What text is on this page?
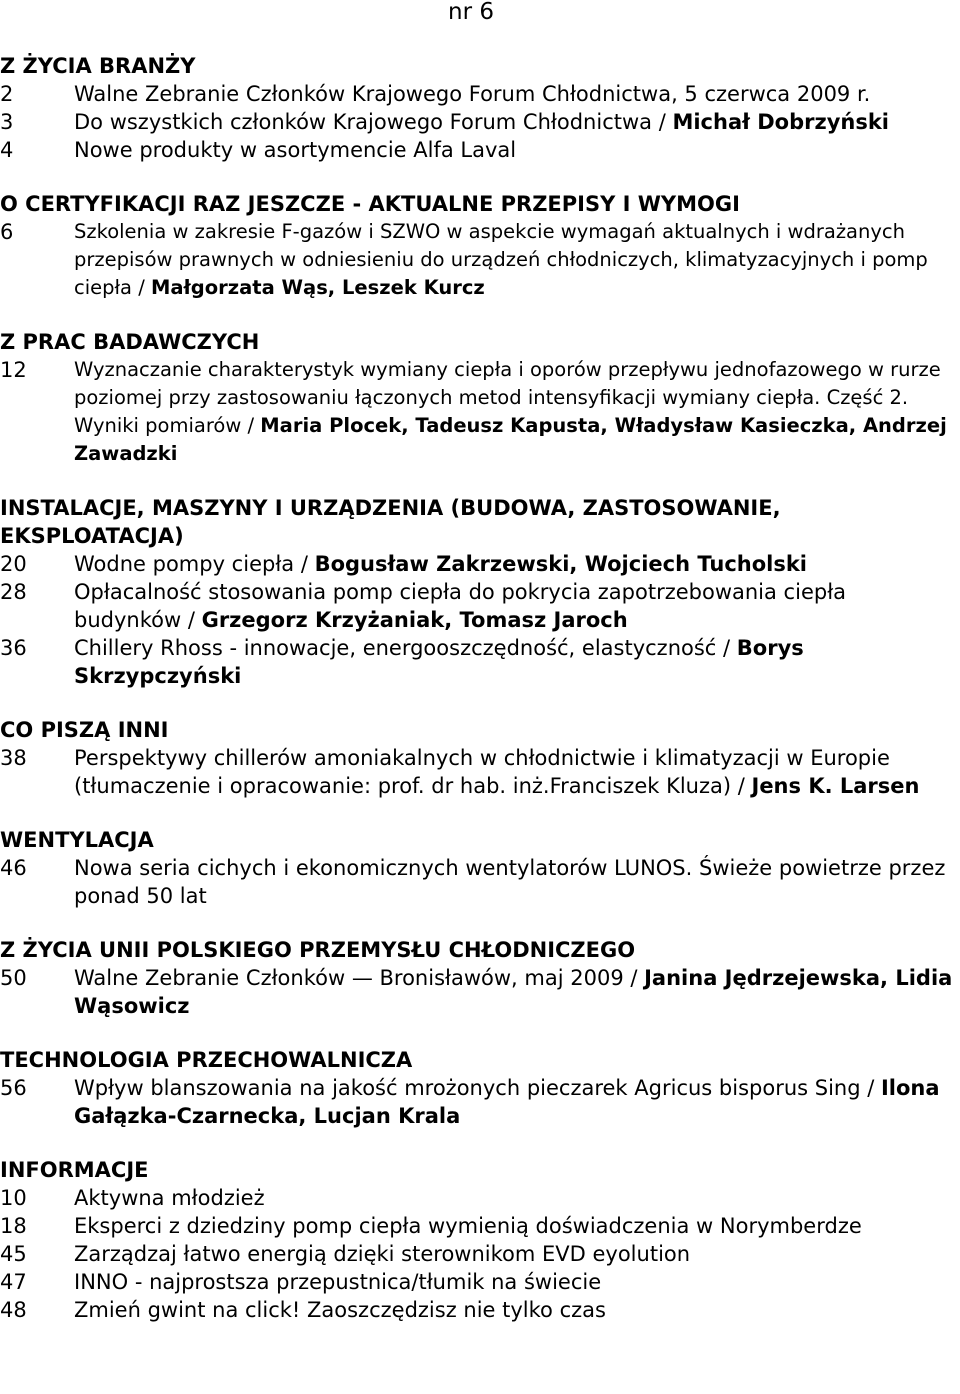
nr 6
Z ŻYCIA BRANŻY
2	Walne Zebranie Członków Krajowego Forum Chłodnictwa, 5 czerwca 2009 r.
3	Do wszystkich członków Krajowego Forum Chłodnictwa / Michał Dobrzyński
4	Nowe produkty w asortymencie Alfa Laval
O CERTYFIKACJI RAZ JESZCZE - AKTUALNE PRZEPISY I WYMOGI
6	Szkolenia w zakresie F-gazów i SZWO w aspekcie wymagań aktualnych i wdrażanych przepisów prawnych w odniesieniu do urządzeń chłodniczych, klimatyzacyjnych i pomp ciepła / Małgorzata Wąs, Leszek Kurcz
Z PRAC BADAWCZYCH
12	Wyznaczanie charakterystyk wymiany ciepła i oporów przepływu jednofazowego w rurze poziomej przy zastosowaniu łączonych metod intensyfikacji wymiany ciepła. Część 2. Wyniki pomiarów / Maria Plocek, Tadeusz Kapusta, Władysław Kasieczka, Andrzej Zawadzki
INSTALACJE, MASZYNY I URZĄDZENIA (BUDOWA, ZASTOSOWANIE, EKSPLOATACJA)
20	Wodne pompy ciepła / Bogusław Zakrzewski, Wojciech Tucholski
28	Opłacalność stosowania pomp ciepła do pokrycia zapotrzebowania ciepła budynków / Grzegorz Krzyżaniak, Tomasz Jaroch
36	Chillery Rhoss - innowacje, energooszczędność, elastyczność / Borys Skrzypczyński
CO PISZĄ INNI
38	Perspektywy chillerów amoniakalnych w chłodnictwie i klimatyzacji w Europie (tłumaczenie i opracowanie: prof. dr hab. inż.Franciszek Kluza) / Jens K. Larsen
WENTYLACJA
46	Nowa seria cichych i ekonomicznych wentylatorów LUNOS. Świeże powietrze przez ponad 50 lat
Z ŻYCIA UNII POLSKIEGO PRZEMYSŁU CHŁODNICZEGO
50	Walne Zebranie Członków — Bronisławów, maj 2009 / Janina Jędrzejewska, Lidia Wąsowicz
TECHNOLOGIA PRZECHOWALNICZA
56	Wpływ blanszowania na jakość mrożonych pieczarek Agricus bisporus Sing / Ilona Gałązka-Czarnecka, Lucjan Krala
INFORMACJE
10	Aktywna młodzież
18	Eksperci z dziedziny pomp ciepła wymienią doświadczenia w Norymberdze
45	Zarządzaj łatwo energią dzięki sterownikom EVD eyolution
47	INNO - najprostsza przepustnica/tłumik na świecie
48	Zmień gwint na click! Zaoszczędzisz nie tylko czas
